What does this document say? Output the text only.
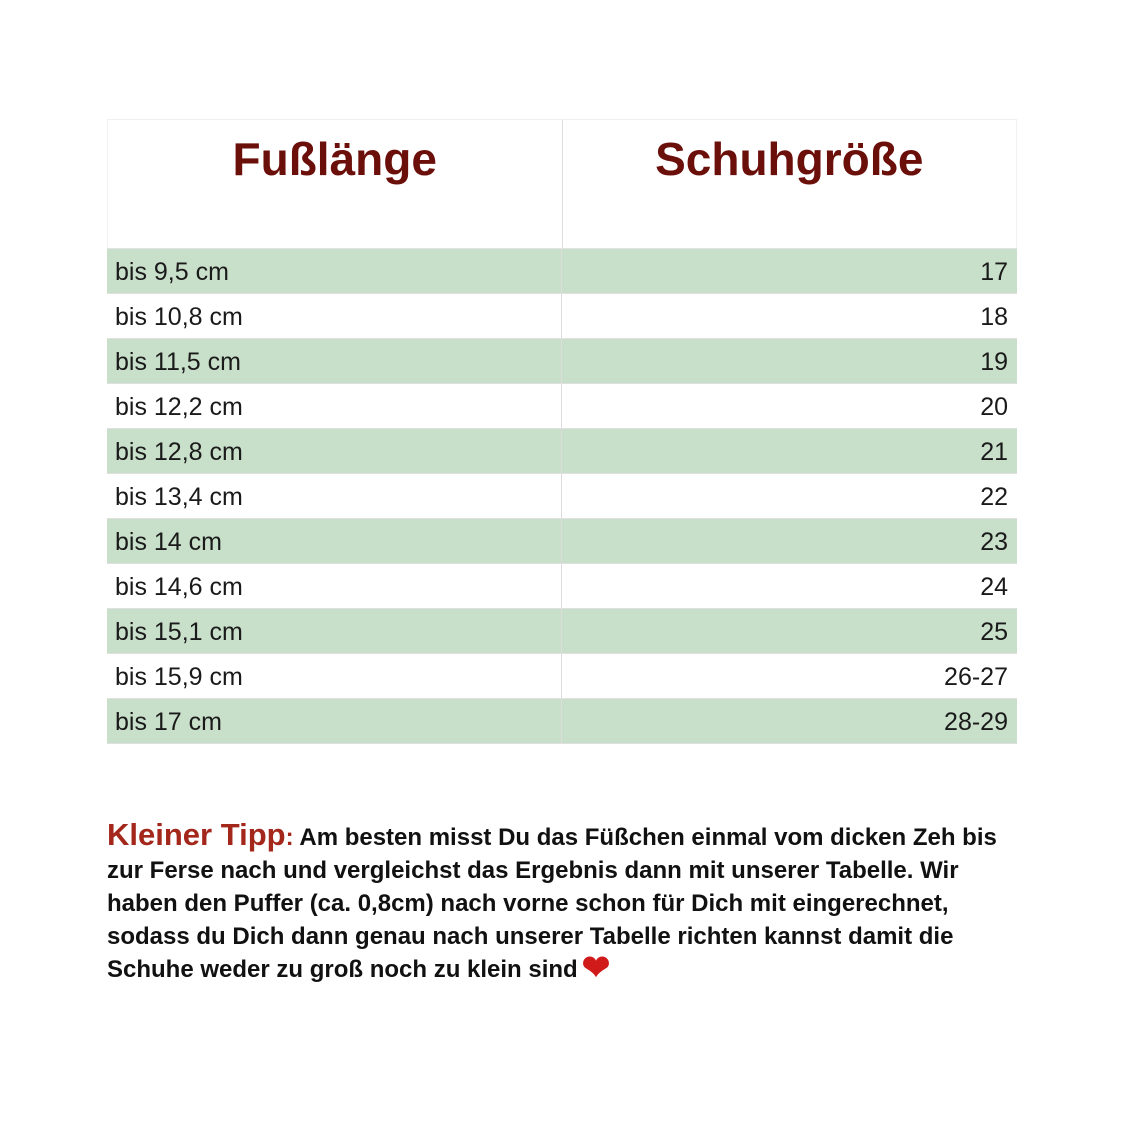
Fußlänge	Schuhgröße
bis 9,5 cm	17
bis 10,8 cm	18
bis 11,5 cm	19
bis 12,2 cm	20
bis 12,8 cm	21
bis 13,4 cm	22
bis 14 cm	23
bis 14,6 cm	24
bis 15,1 cm	25
bis 15,9 cm	26-27
bis 17 cm	28-29
Kleiner Tipp: Am besten misst Du das Füßchen einmal vom dicken Zeh bis zur Ferse nach und vergleichst das Ergebnis dann mit unserer Tabelle. Wir haben den Puffer (ca. 0,8cm) nach vorne schon für Dich mit eingerechnet, sodass du Dich dann genau nach unserer Tabelle richten kannst damit die Schuhe weder zu groß noch zu klein sind ❤
